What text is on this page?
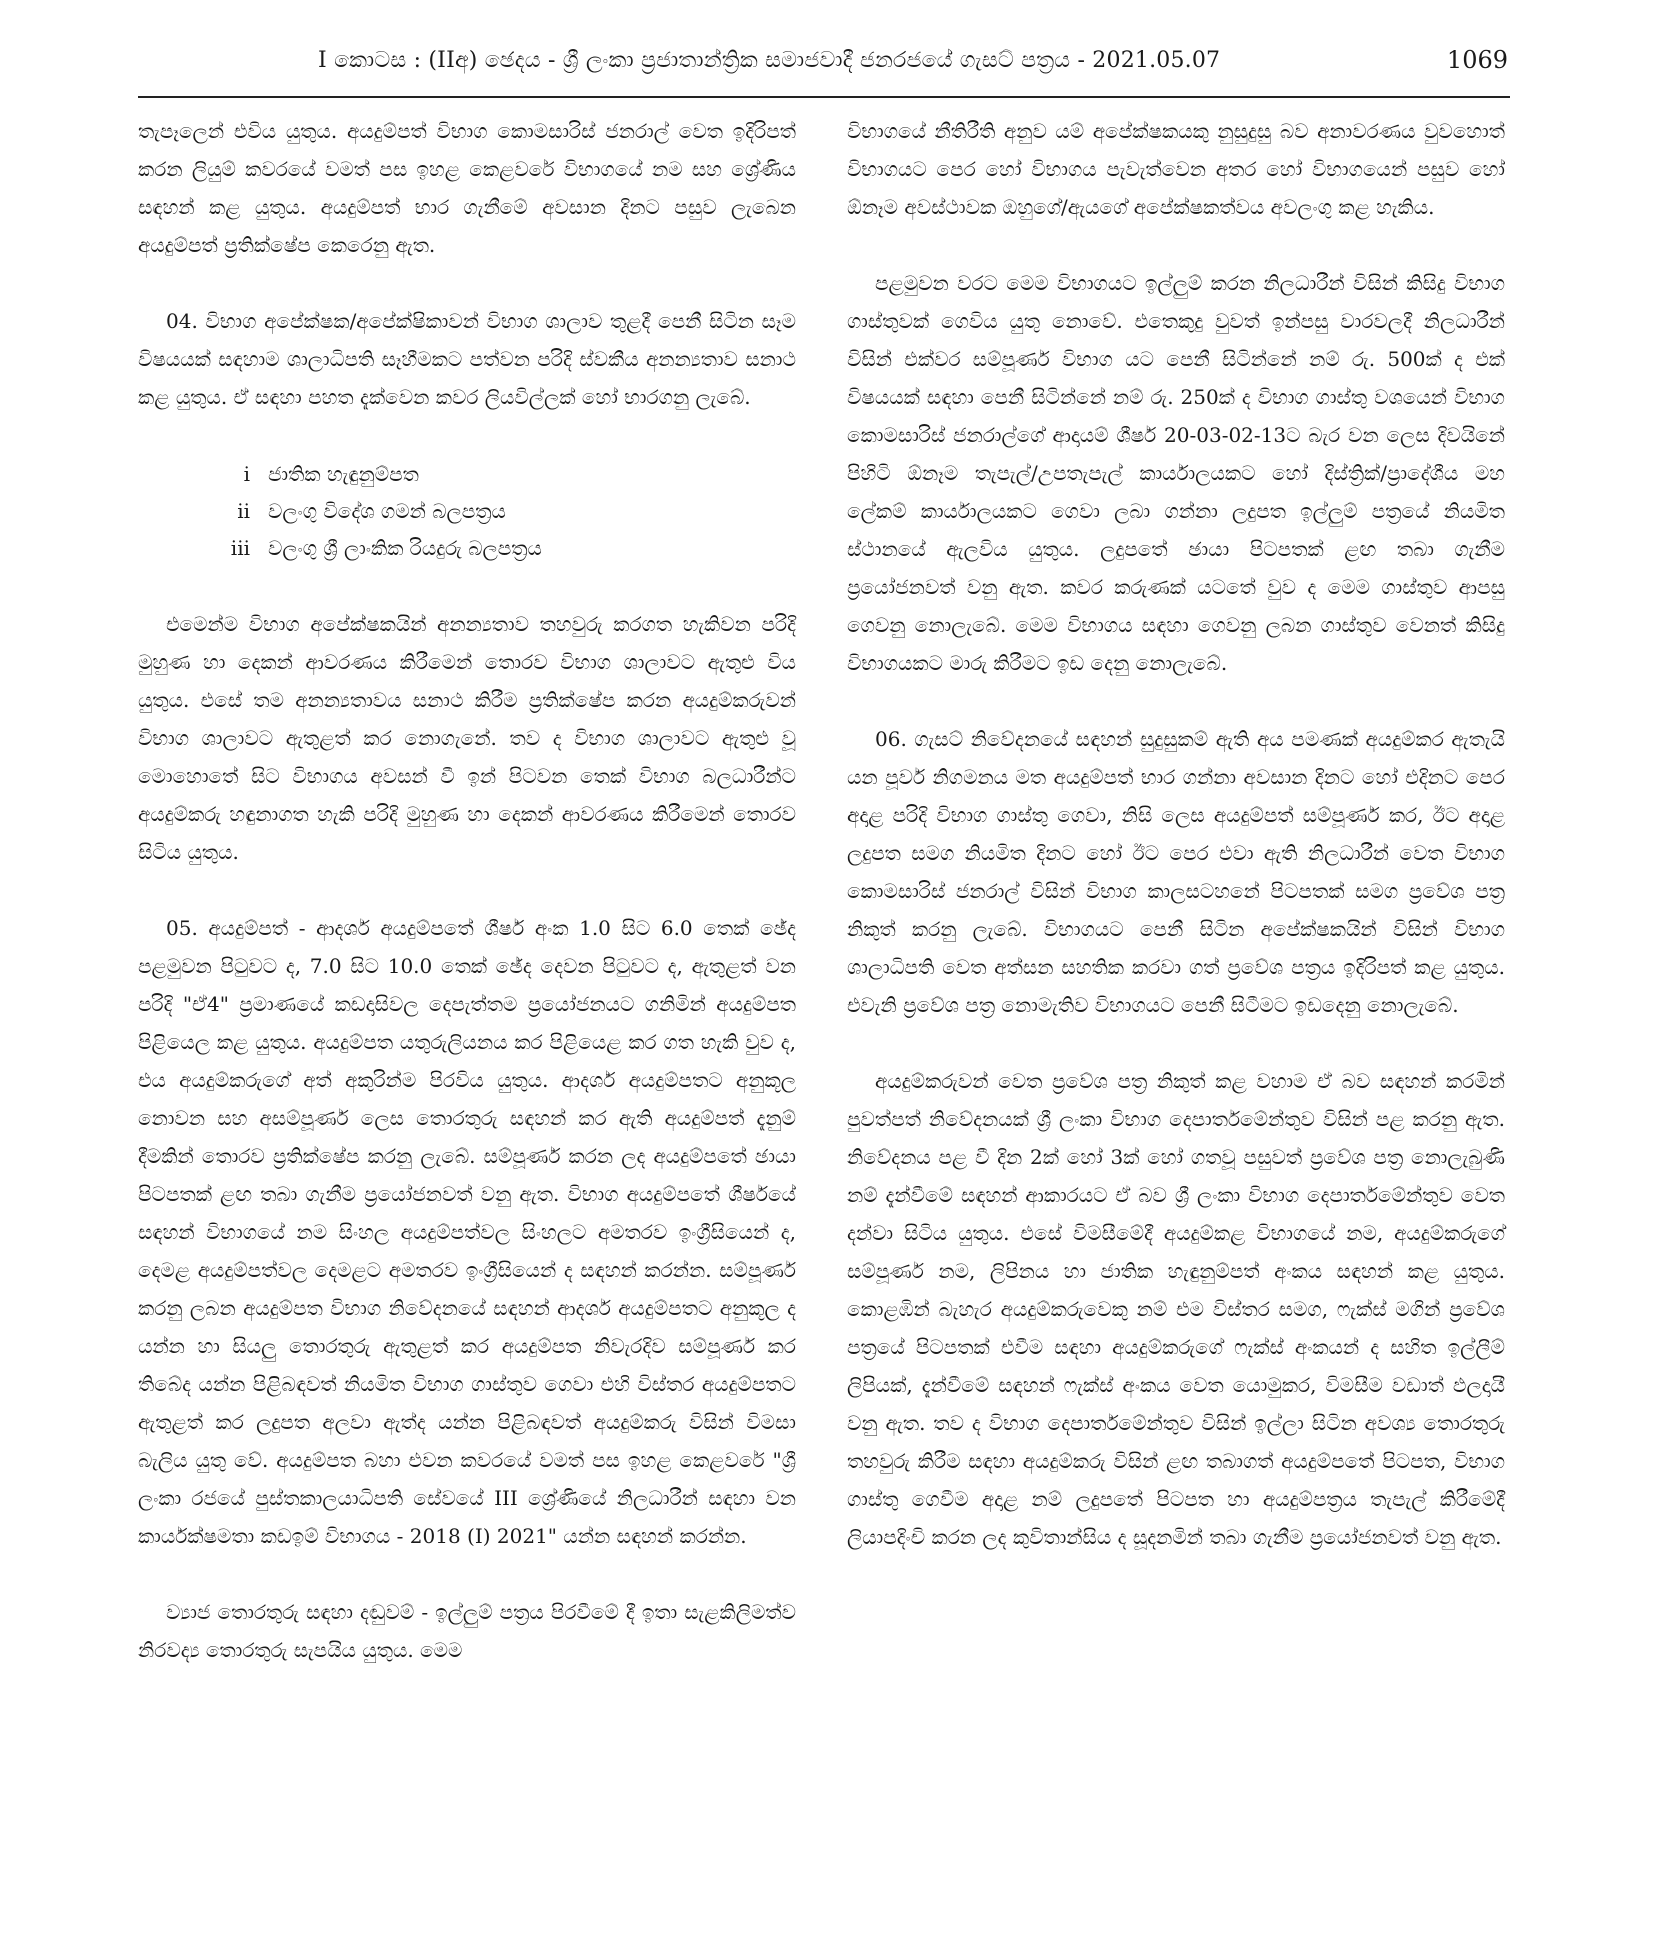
I කොටස : (IIඅ) ඡෙදය - ශ්‍රී ලංකා ප්‍රජාතාන්ත්‍රික සමාජවාදී ජනරජයේ ගැසට් පත්‍රය - 2021.05.07	1069

තැපෑලෙන් එවිය යුතුය. අයදුම්පත් විභාග කොමසාරිස් ජනරාල් වෙත ඉදිරිපත් කරන ලියුම් කවරයේ වමත් පස ඉහළ කෙළවරේ විභාගයේ නම සහ ශ්‍රේණිය සඳහන් කළ යුතුය. අයදුම්පත් භාර ගැනීමේ අවසාන දිනට පසුව ලැබෙන අයදුම්පත් ප්‍රතික්ෂේප කෙරෙනු ඇත.

04. විභාග අපේක්ෂක/අපේක්ෂිකාවන් විභාග ශාලාව තුළදී පෙනී සිටින සෑම විෂයයක් සඳහාම ශාලාධිපති සෑහීමකට පත්වන පරිදි ස්වකීය අනන්‍යතාව සනාථ කළ යුතුය. ඒ සඳහා පහත දැක්වෙන කවර ලියවිල්ලක් හෝ භාරගනු ලැබේ.

i ජාතික හැඳුනුම්පත
ii වලංගු විදේශ ගමන් බලපත්‍රය
iii වලංගු ශ්‍රී ලාංකික රියදුරු බලපත්‍රය

එමෙන්ම විභාග අපේක්ෂකයින් අනන්‍යතාව තහවුරු කරගත හැකිවන පරිදි මුහුණ හා දෙකන් ආවරණය කිරීමෙන් තොරව විභාග ශාලාවට ඇතුළු විය යුතුය. එසේ තම අනන්‍යතාවය සනාථ කිරීම ප්‍රතික්ෂේප කරන අයදුම්කරුවන් විභාග ශාලාවට ඇතුළත් කර නොගැනේ. තව ද විභාග ශාලාවට ඇතුළු වූ මොහොතේ සිට විභාගය අවසන් වී ඉන් පිටවන තෙක් විභාග බලධාරීන්ට අයදුම්කරු හඳුනාගත හැකි පරිදි මුහුණ හා දෙකන් ආවරණය කිරීමෙන් තොරව සිටිය යුතුය.

05. අයදුම්පත් - ආදර්ශ අයදුම්පතේ ශීර්ෂ අංක 1.0 සිට 6.0 තෙක් ඡේද පළමුවන පිටුවට ද, 7.0 සිට 10.0 තෙක් ඡේද දෙවන පිටුවට ද, ඇතුළත් වන පරිදි "ඒ4" ප්‍රමාණයේ කඩදාසිවල දෙපැත්තම ප්‍රයෝජනයට ගනිමින් අයදුම්පත පිළියෙල කළ යුතුය. අයදුම්පත යතුරුලියනය කර පිළියෙළ කර ගත හැකි වුව ද, එය අයදුම්කරුගේ අත් අකුරින්ම පිරවිය යුතුය. ආදර්ශ අයදුම්පතට අනුකූල නොවන සහ අසම්පූර්ණ ලෙස තොරතුරු සඳහන් කර ඇති අයදුම්පත් දැනුම් දීමකින් තොරව ප්‍රතික්ෂේප කරනු ලැබේ. සම්පූර්ණ කරන ලද අයදුම්පතේ ඡායා පිටපතක් ළඟ තබා ගැනීම ප්‍රයෝජනවත් වනු ඇත. විභාග අයදුම්පතේ ශීර්ෂයේ සඳහන් විභාගයේ නම සිංහල අයදුම්පත්වල සිංහලට අමතරව ඉංග්‍රීසියෙන් ද, දෙමළ අයදුම්පත්වල දෙමළට අමතරව ඉංග්‍රීසියෙන් ද සඳහන් කරන්න. සම්පූර්ණ කරනු ලබන අයදුම්පත විභාග නිවේදනයේ සඳහන් ආදර්ශ අයදුම්පතට අනුකූල ද යන්න හා සියලු තොරතුරු ඇතුළත් කර අයදුම්පත නිවැරදිව සම්පූර්ණ කර තිබේද යන්න පිළිබඳවත් නියමිත විභාග ගාස්තුව ගෙවා එහි විස්තර අයදුම්පතට ඇතුළත් කර ලදුපත අලවා ඇත්ද යන්න පිළිබඳවත් අයදුම්කරු විසින් විමසා බැලිය යුතු වේ. අයදුම්පත බහා එවන කවරයේ වමත් පස ඉහළ කෙළවරේ "ශ්‍රී ලංකා රජයේ පුස්තකාලයාධිපති සේවයේ III ශ්‍රේණියේ නිලධාරීන් සඳහා වන කාර්යක්ෂමතා කඩඉම් විභාගය - 2018 (I) 2021" යන්න සඳහන් කරන්න.

ව්‍යාජ තොරතුරු සඳහා දඬුවම් - ඉල්ලුම් පත්‍රය පිරවීමේ දී ඉතා සැළකිලිමත්ව නිරවද්‍ය තොරතුරු සැපයිය යුතුය. මෙම

විභාගයේ නීතිරීති අනුව යම් අපේක්ෂකයකු නුසුදුසු බව අනාවරණය වුවහොත් විභාගයට පෙර හෝ විභාගය පැවැත්වෙන අතර හෝ විභාගයෙන් පසුව හෝ ඕනෑම අවස්ථාවක ඔහුගේ/ඇයගේ අපේක්ෂකත්වය අවලංගු කළ හැකිය.

පළමුවන වරට මෙම විභාගයට ඉල්ලුම් කරන නිලධාරීන් විසින් කිසිදු විභාග ගාස්තුවක් ගෙවිය යුතු නොවේ. එතෙකුදු වුවත් ඉන්පසු වාරවලදී නිලධාරීන් විසින් එක්වර සම්පූර්ණ විභාග යට පෙනී සිටින්නේ නම් රු. 500ක් ද එක් විෂයයක් සඳහා පෙනී සිටින්නේ නම් රු. 250ක් ද විභාග ගාස්තු වශයෙන් විභාග කොමසාරිස් ජනරාල්ගේ ආදායම් ශීර්ෂ 20-03-02-13ට බැර වන ලෙස දිවයිනේ පිහිටි ඕනෑම තැපැල්/උපතැපැල් කාර්යාලයකට හෝ දිස්ත්‍රික්/ප්‍රාදේශීය මහ ලේකම් කාර්යාලයකට ගෙවා ලබා ගන්නා ලදුපත ඉල්ලුම් පත්‍රයේ නියමිත ස්ථානයේ ඇලවිය යුතුය. ලදුපතේ ඡායා පිටපතක් ළඟ තබා ගැනීම ප්‍රයෝජනවත් වනු ඇත. කවර කරුණක් යටතේ වුව ද මෙම ගාස්තුව ආපසු ගෙවනු නොලැබේ. මෙම විභාගය සඳහා ගෙවනු ලබන ගාස්තුව වෙනත් කිසිදු විභාගයකට මාරු කිරීමට ඉඩ දෙනු නොලැබේ.

06. ගැසට් නිවේදනයේ සඳහන් සුදුසුකම් ඇති අය පමණක් අයදුම්කර ඇතැයි යන පූර්ව නිගමනය මත අයදුම්පත් භාර ගන්නා අවසාන දිනට හෝ එදිනට පෙර අදාළ පරිදි විභාග ගාස්තු ගෙවා, නිසි ලෙස අයදුම්පත් සම්පූර්ණ කර, ඊට අදාළ ලදුපත සමග නියමිත දිනට හෝ ඊට පෙර එවා ඇති නිලධාරීන් වෙත විභාග කොමසාරිස් ජනරාල් විසින් විභාග කාලසටහනේ පිටපතක් සමග ප්‍රවේශ පත්‍ර නිකුත් කරනු ලැබේ. විභාගයට පෙනී සිටින අපේක්ෂකයින් විසින් විභාග ශාලාධිපති වෙත අත්සන සහතික කරවා ගත් ප්‍රවේශ පත්‍රය ඉදිරිපත් කළ යුතුය. එවැනි ප්‍රවේශ පත්‍ර නොමැතිව විභාගයට පෙනී සිටීමට ඉඩදෙනු නොලැබේ.

අයදුම්කරුවන් වෙත ප්‍රවේශ පත්‍ර නිකුත් කළ වහාම ඒ බව සඳහන් කරමින් පුවත්පත් නිවේදනයක් ශ්‍රී ලංකා විභාග දෙපාර්තමේන්තුව විසින් පළ කරනු ඇත. නිවේදනය පළ වී දින 2ක් හෝ 3ක් හෝ ගතවූ පසුවත් ප්‍රවේශ පත්‍ර නොලැබුණි නම් දැන්වීමේ සඳහන් ආකාරයට ඒ බව ශ්‍රී ලංකා විභාග දෙපාර්තමේන්තුව වෙත දන්වා සිටිය යුතුය. එසේ විමසීමේදී අයදුම්කළ විභාගයේ නම, අයදුම්කරුගේ සම්පූර්ණ නම, ලිපිනය හා ජාතික හැඳුනුම්පත් අංකය සඳහන් කළ යුතුය. කොළඹින් බැහැර අයදුම්කරුවෙකු නම් එම විස්තර සමග, ෆැක්ස් මගින් ප්‍රවේශ පත්‍රයේ පිටපතක් එවීම සඳහා අයදුම්කරුගේ ෆැක්ස් අංකයන් ද සහිත ඉල්ලීම් ලිපියක්, දැන්වීමේ සඳහන් ෆැක්ස් අංකය වෙත යොමුකර, විමසීම වඩාත් ඵලදායී වනු ඇත. තව ද විභාග දෙපාර්තමේන්තුව විසින් ඉල්ලා සිටින අවශ්‍ය තොරතුරු තහවුරු කිරීම සඳහා අයදුම්කරු විසින් ළඟ තබාගත් අයදුම්පතේ පිටපත, විභාග ගාස්තු ගෙවීම අදාළ නම් ලදුපතේ පිටපත හා අයදුම්පත්‍රය තැපැල් කිරීමේදී ලියාපදිංචි කරන ලද කුවිතාන්සිය ද සූදනමින් තබා ගැනීම ප්‍රයෝජනවත් වනු ඇත.
